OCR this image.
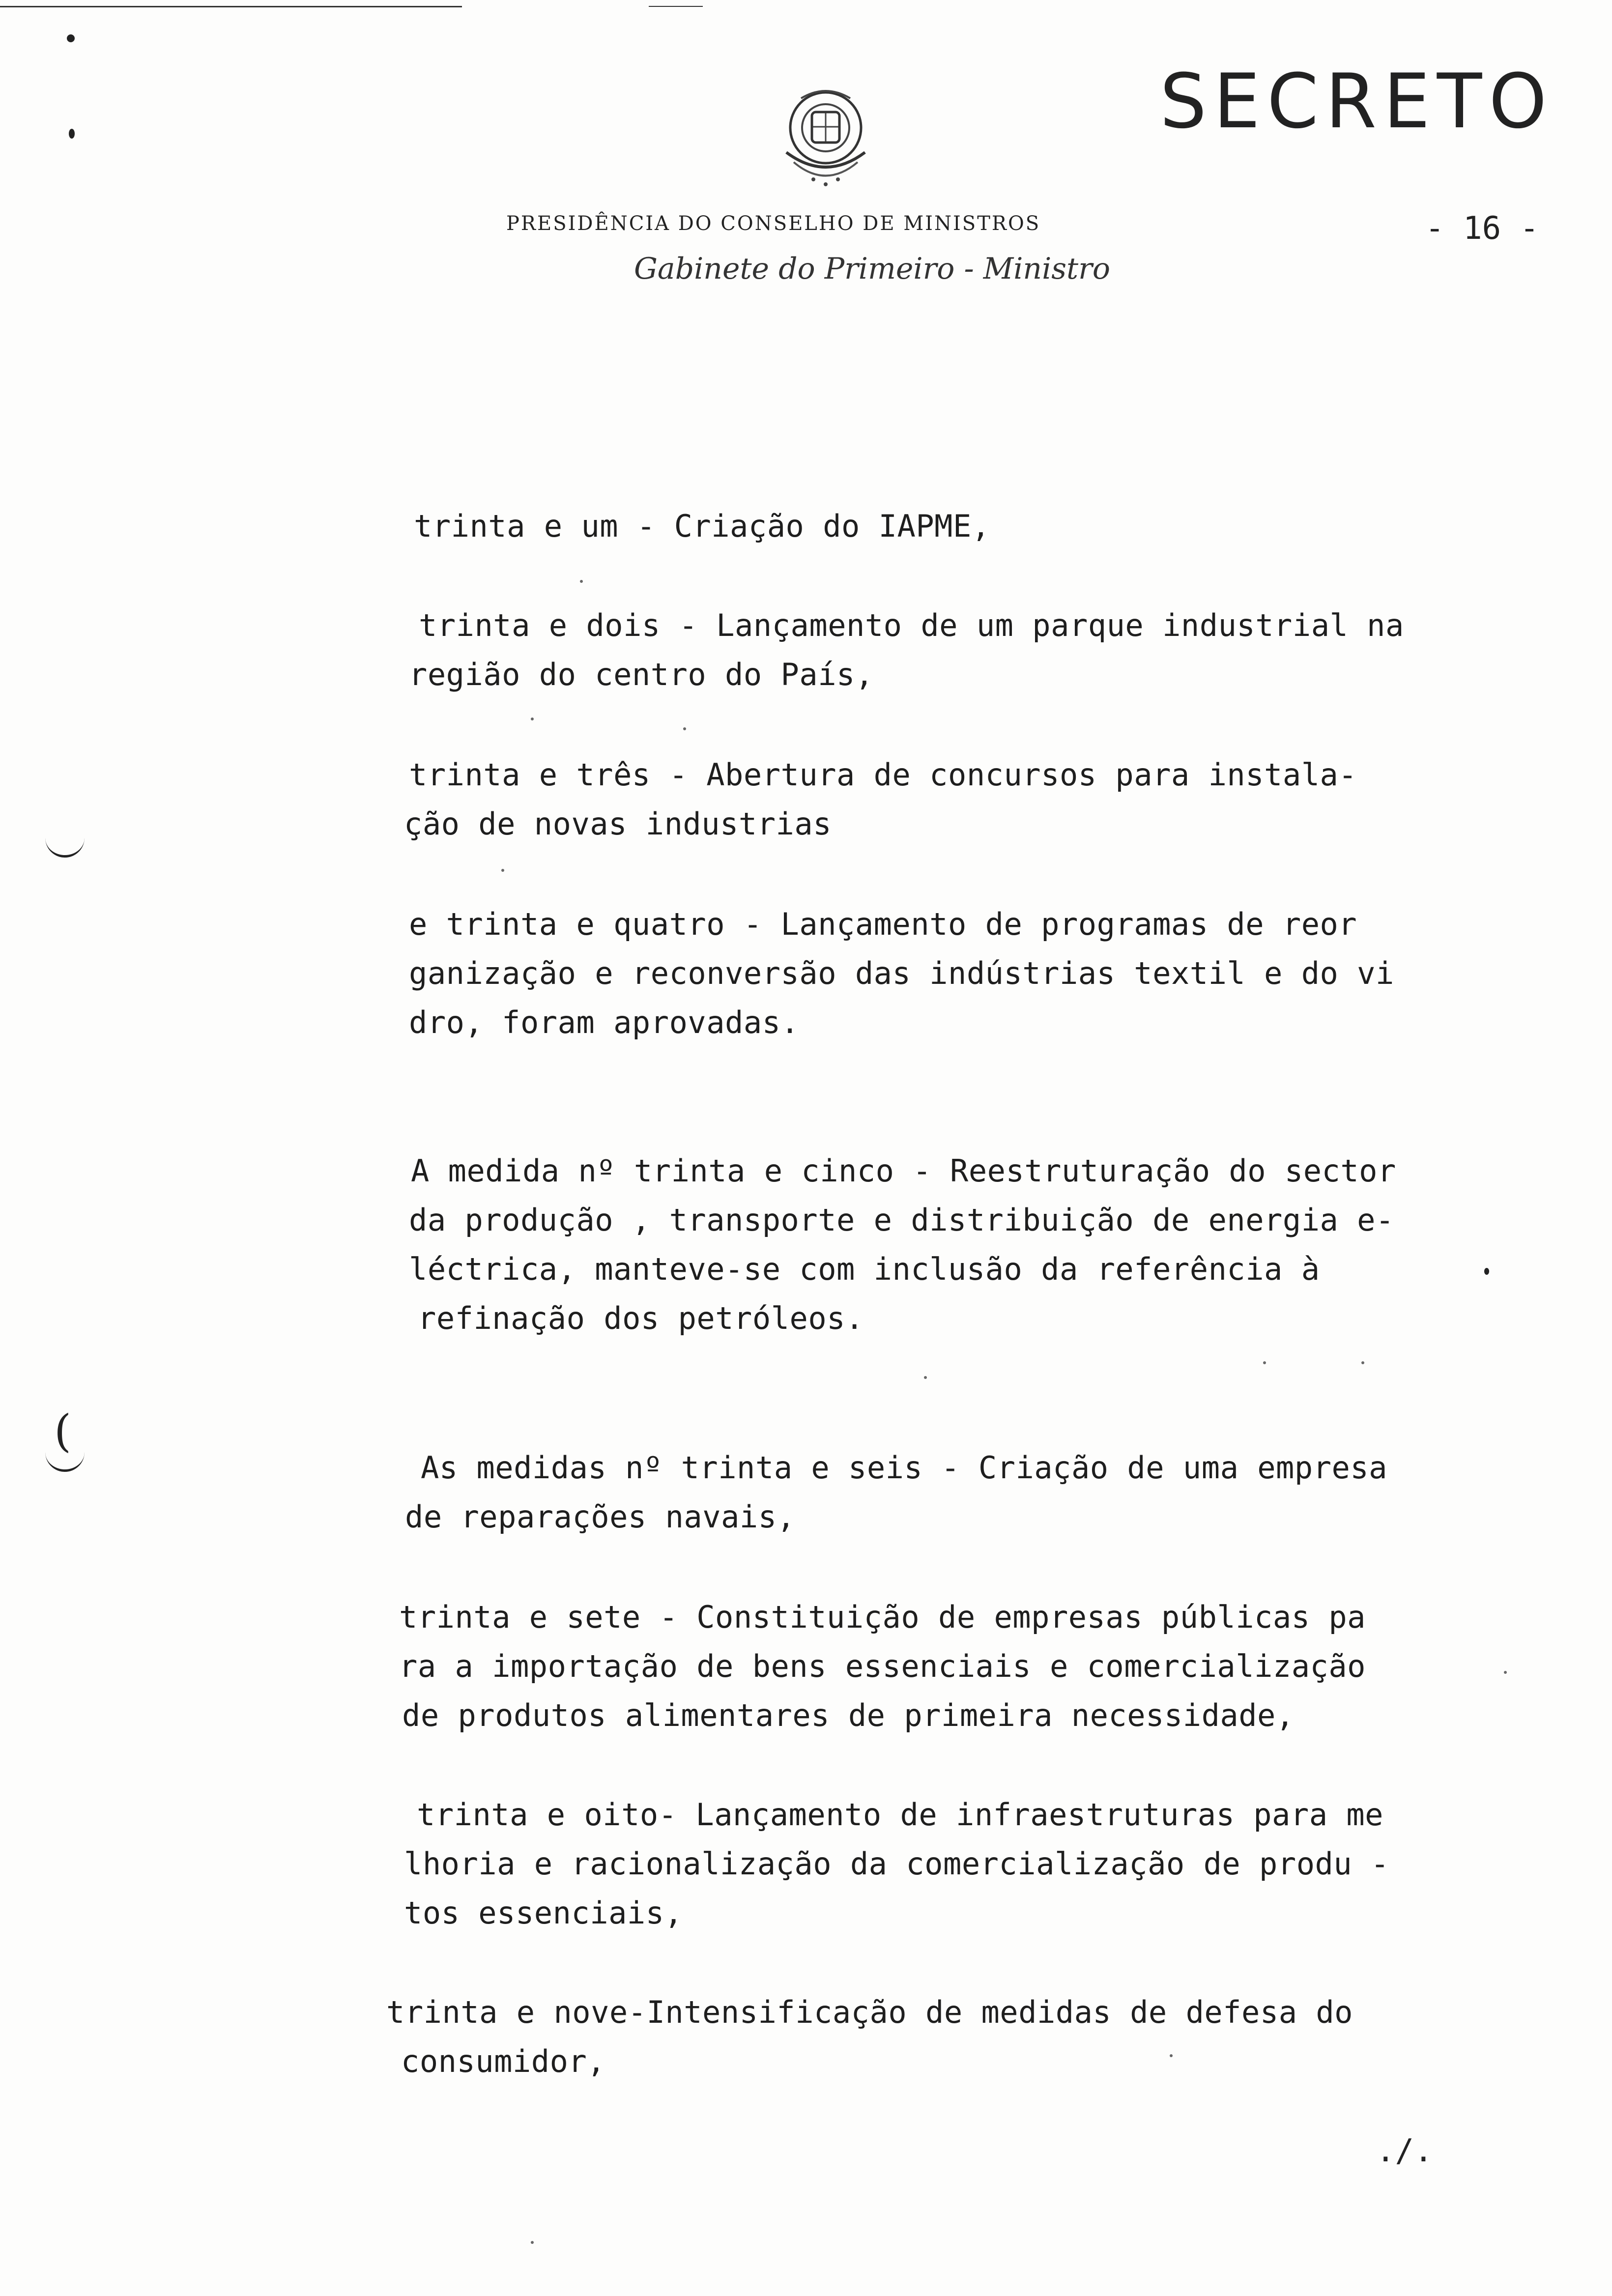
SECRETO
PRESIDÊNCIA DO CONSELHO DE MINISTROS	- 16 -
Gabinete do Primeiro - Ministro
(
trinta e um - Criação do IAPME,
trinta e dois - Lançamento de um parque industrial na
região do centro do País,
trinta e três - Abertura de concursos para instala-
ção de novas industrias
e trinta e quatro - Lançamento de programas de reor
ganização e reconversão das indústrias textil e do vi
dro, foram aprovadas.
A medida nº trinta e cinco - Reestruturação do sector
da produção , transporte e distribuição de energia e-
léctrica, manteve-se com inclusão da referência à
refinação dos petróleos.
As medidas nº trinta e seis - Criação de uma empresa
de reparações navais,
trinta e sete - Constituição de empresas públicas pa
ra a importação de bens essenciais e comercialização
de produtos alimentares de primeira necessidade,
trinta e oito- Lançamento de infraestruturas para me
lhoria e racionalização da comercialização de produ -
tos essenciais,
trinta e nove-Intensificação de medidas de defesa do
consumidor,
./.
